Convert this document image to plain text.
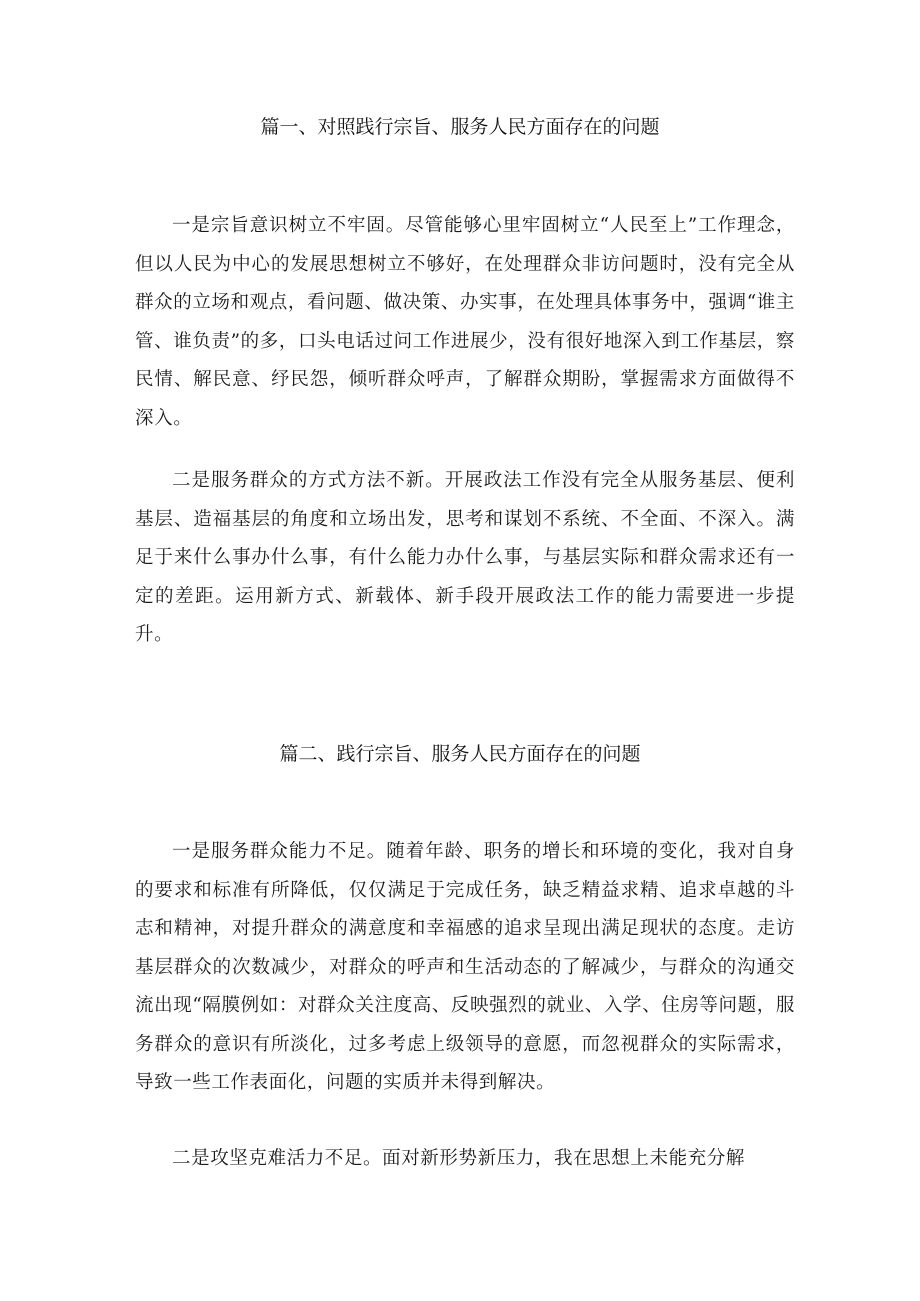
篇一、对照践行宗旨、服务人民方面存在的问题

一是宗旨意识树立不牢固。尽管能够心里牢固树立“人民至上”工作理念，但以人民为中心的发展思想树立不够好，在处理群众非访问题时，没有完全从群众的立场和观点，看问题、做决策、办实事，在处理具体事务中，强调“谁主管、谁负责”的多，口头电话过问工作进展少，没有很好地深入到工作基层，察民情、解民意、纾民怨，倾听群众呼声，了解群众期盼，掌握需求方面做得不深入。

二是服务群众的方式方法不新。开展政法工作没有完全从服务基层、便利基层、造福基层的角度和立场出发，思考和谋划不系统、不全面、不深入。满足于来什么事办什么事，有什么能力办什么事，与基层实际和群众需求还有一定的差距。运用新方式、新载体、新手段开展政法工作的能力需要进一步提升。

篇二、践行宗旨、服务人民方面存在的问题

一是服务群众能力不足。随着年龄、职务的增长和环境的变化，我对自身的要求和标准有所降低，仅仅满足于完成任务，缺乏精益求精、追求卓越的斗志和精神，对提升群众的满意度和幸福感的追求呈现出满足现状的态度。走访基层群众的次数减少，对群众的呼声和生活动态的了解减少，与群众的沟通交流出现“隔膜例如：对群众关注度高、反映强烈的就业、入学、住房等问题，服务群众的意识有所淡化，过多考虑上级领导的意愿，而忽视群众的实际需求，导致一些工作表面化，问题的实质并未得到解决。

二是攻坚克难活力不足。面对新形势新压力，我在思想上未能充分解
